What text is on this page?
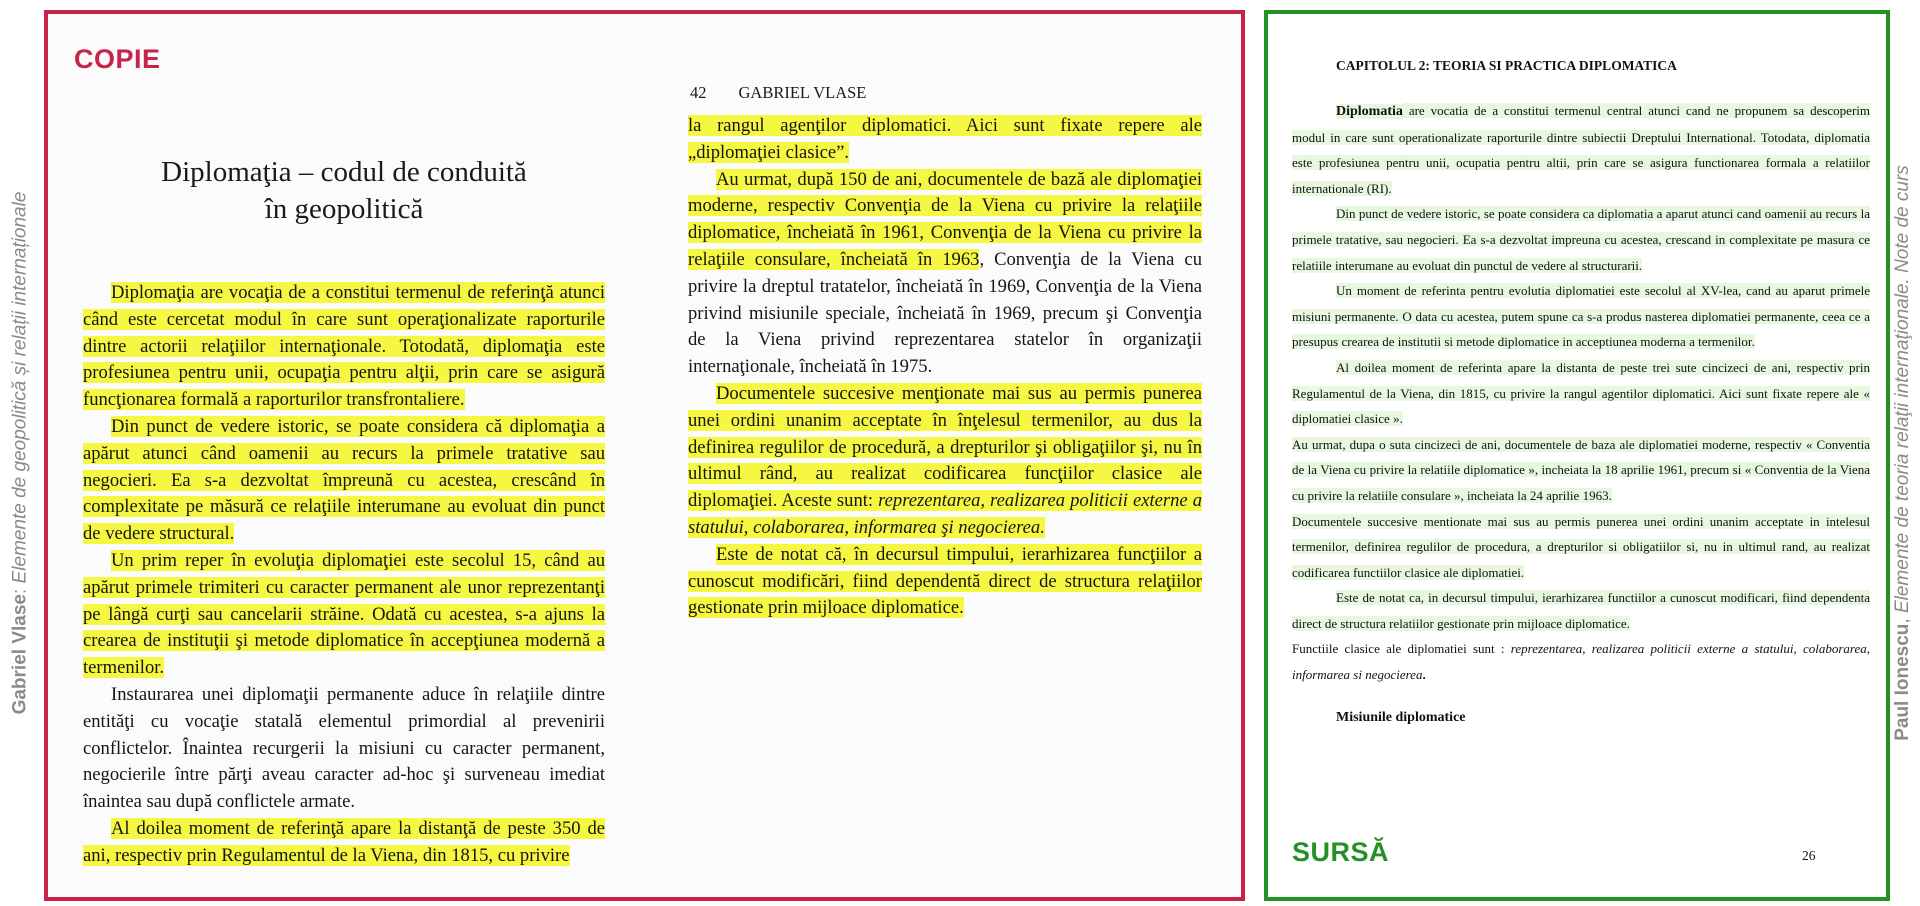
Gabriel Vlase: Elemente de geopolitică și relații internaționale
COPIE
Diplomaţia – codul de conduită
în geopolitică

Diplomaţia are vocaţia de a constitui termenul de referinţă atunci când este cercetat modul în care sunt operaţionalizate raporturile dintre actorii relaţiilor internaţionale. Totodată, diplomaţia este profesiunea pentru unii, ocupaţia pentru alţii, prin care se asigură funcţionarea formală a raporturilor transfrontaliere.

Din punct de vedere istoric, se poate considera că diplomaţia a apărut atunci când oamenii au recurs la primele tratative sau negocieri. Ea s-a dezvoltat împreună cu acestea, crescând în complexitate pe măsură ce relaţiile interumane au evoluat din punct de vedere structural.

Un prim reper în evoluţia diplomaţiei este secolul 15, când au apărut primele trimiteri cu caracter permanent ale unor reprezentanţi pe lângă curţi sau cancelarii străine. Odată cu acestea, s-a ajuns la crearea de instituţii şi metode diplomatice în accepţiunea modernă a termenilor.

Instaurarea unei diplomaţii permanente aduce în relaţiile dintre entităţi cu vocaţie statală elementul primordial al prevenirii conflictelor. Înaintea recurgerii la misiuni cu caracter permanent, negocierile între părţi aveau caracter ad-hoc şi surveneau imediat înaintea sau după conflictele armate.

Al doilea moment de referinţă apare la distanţă de peste 350 de ani, respectiv prin Regulamentul de la Viena, din 1815, cu privire

42 GABRIEL VLASE

la rangul agenţilor diplomatici. Aici sunt fixate repere ale „diplomaţiei clasice”.

Au urmat, după 150 de ani, documentele de bază ale diplomaţiei moderne, respectiv Convenţia de la Viena cu privire la relaţiile diplomatice, încheiată în 1961, Convenţia de la Viena cu privire la relaţiile consulare, încheiată în 1963, Convenţia de la Viena cu privire la dreptul tratatelor, încheiată în 1969, Convenţia de la Viena privind misiunile speciale, încheiată în 1969, precum şi Convenţia de la Viena privind reprezentarea statelor în organizaţii internaţionale, încheiată în 1975.

Documentele succesive menţionate mai sus au permis punerea unei ordini unanim acceptate în înţelesul termenilor, au dus la definirea regulilor de procedură, a drepturilor şi obligaţiilor şi, nu în ultimul rând, au realizat codificarea funcţiilor clasice ale diplomaţiei. Aceste sunt: reprezentarea, realizarea politicii externe a statului, colaborarea, informarea şi negocierea.

Este de notat că, în decursul timpului, ierarhizarea funcţiilor a cunoscut modificări, fiind dependentă direct de structura relaţiilor gestionate prin mijloace diplomatice.

CAPITOLUL 2: TEORIA SI PRACTICA DIPLOMATICA

Diplomatia are vocatia de a constitui termenul central atunci cand ne propunem sa descoperim modul in care sunt operationalizate raporturile dintre subiectii Dreptului International. Totodata, diplomatia este profesiunea pentru unii, ocupatia pentru altii, prin care se asigura functionarea formala a relatiilor internationale (RI).

Din punct de vedere istoric, se poate considera ca diplomatia a aparut atunci cand oamenii au recurs la primele tratative, sau negocieri. Ea s-a dezvoltat impreuna cu acestea, crescand in complexitate pe masura ce relatiile interumane au evoluat din punctul de vedere al structurarii.

Un moment de referinta pentru evolutia diplomatiei este secolul al XV-lea, cand au aparut primele misiuni permanente. O data cu acestea, putem spune ca s-a produs nasterea diplomatiei permanente, ceea ce a presupus crearea de institutii si metode diplomatice in acceptiunea moderna a termenilor.

Al doilea moment de referinta apare la distanta de peste trei sute cincizeci de ani, respectiv prin Regulamentul de la Viena, din 1815, cu privire la rangul agentilor diplomatici. Aici sunt fixate repere ale « diplomatiei clasice ».

Au urmat, dupa o suta cincizeci de ani, documentele de baza ale diplomatiei moderne, respectiv « Conventia de la Viena cu privire la relatiile diplomatice », incheiata la 18 aprilie 1961, precum si « Conventia de la Viena cu privire la relatiile consulare », incheiata la 24 aprilie 1963.

Documentele succesive mentionate mai sus au permis punerea unei ordini unanim acceptate in intelesul termenilor, definirea regulilor de procedura, a drepturilor si obligatiilor si, nu in ultimul rand, au realizat codificarea functiilor clasice ale diplomatiei.

Este de notat ca, in decursul timpului, ierarhizarea functiilor a cunoscut modificari, fiind dependenta direct de structura relatiilor gestionate prin mijloace diplomatice.

Functiile clasice ale diplomatiei sunt : reprezentarea, realizarea politicii externe a statului, colaborarea, informarea si negocierea.

Misiunile diplomatice
26
SURSĂ
Paul Ionescu, Elemente de teoria relaţii internaţionale. Note de curs
